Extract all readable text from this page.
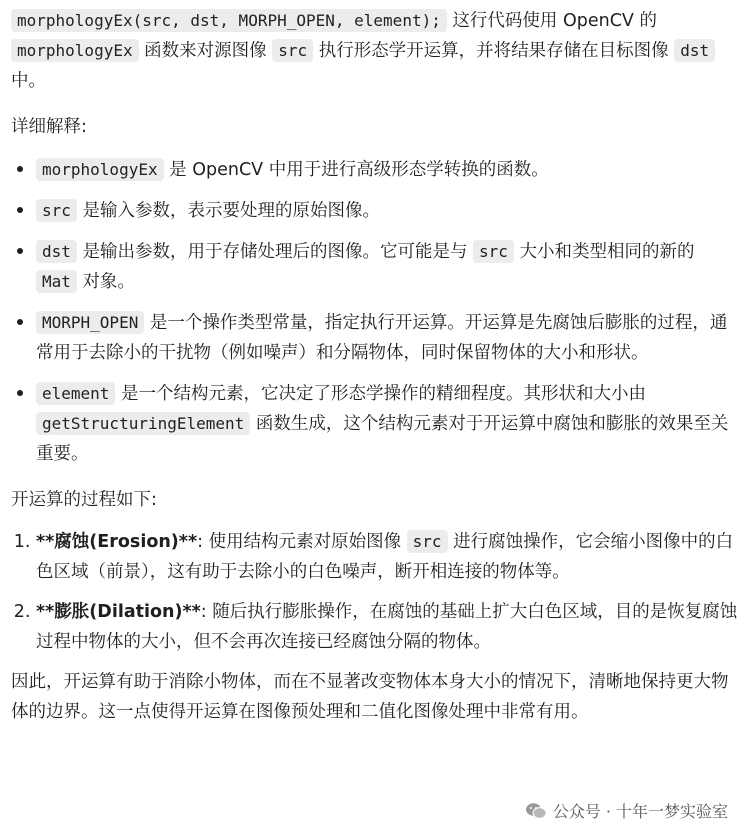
morphologyEx(src, dst, MORPH_OPEN, element); 这行代码使用 OpenCV 的 morphologyEx 函数来对源图像 src 执行形态学开运算，并将结果存储在目标图像 dst 中。

详细解释:

• morphologyEx 是 OpenCV 中用于进行高级形态学转换的函数。
• src 是输入参数，表示要处理的原始图像。
• dst 是输出参数，用于存储处理后的图像。它可能是与 src 大小和类型相同的新的 Mat 对象。
• MORPH_OPEN 是一个操作类型常量，指定执行开运算。开运算是先腐蚀后膨胀的过程，通常用于去除小的干扰物（例如噪声）和分隔物体，同时保留物体的大小和形状。
• element 是一个结构元素，它决定了形态学操作的精细程度。其形状和大小由 getStructuringElement 函数生成，这个结构元素对于开运算中腐蚀和膨胀的效果至关重要。

开运算的过程如下:

1. **腐蚀(Erosion)**: 使用结构元素对原始图像 src 进行腐蚀操作，它会缩小图像中的白色区域（前景），这有助于去除小的白色噪声，断开相连接的物体等。
2. **膨胀(Dilation)**: 随后执行膨胀操作，在腐蚀的基础上扩大白色区域，目的是恢复腐蚀过程中物体的大小，但不会再次连接已经腐蚀分隔的物体。

因此，开运算有助于消除小物体，而在不显著改变物体本身大小的情况下，清晰地保持更大物体的边界。这一点使得开运算在图像预处理和二值化图像处理中非常有用。

公众号 · 十年一梦实验室
